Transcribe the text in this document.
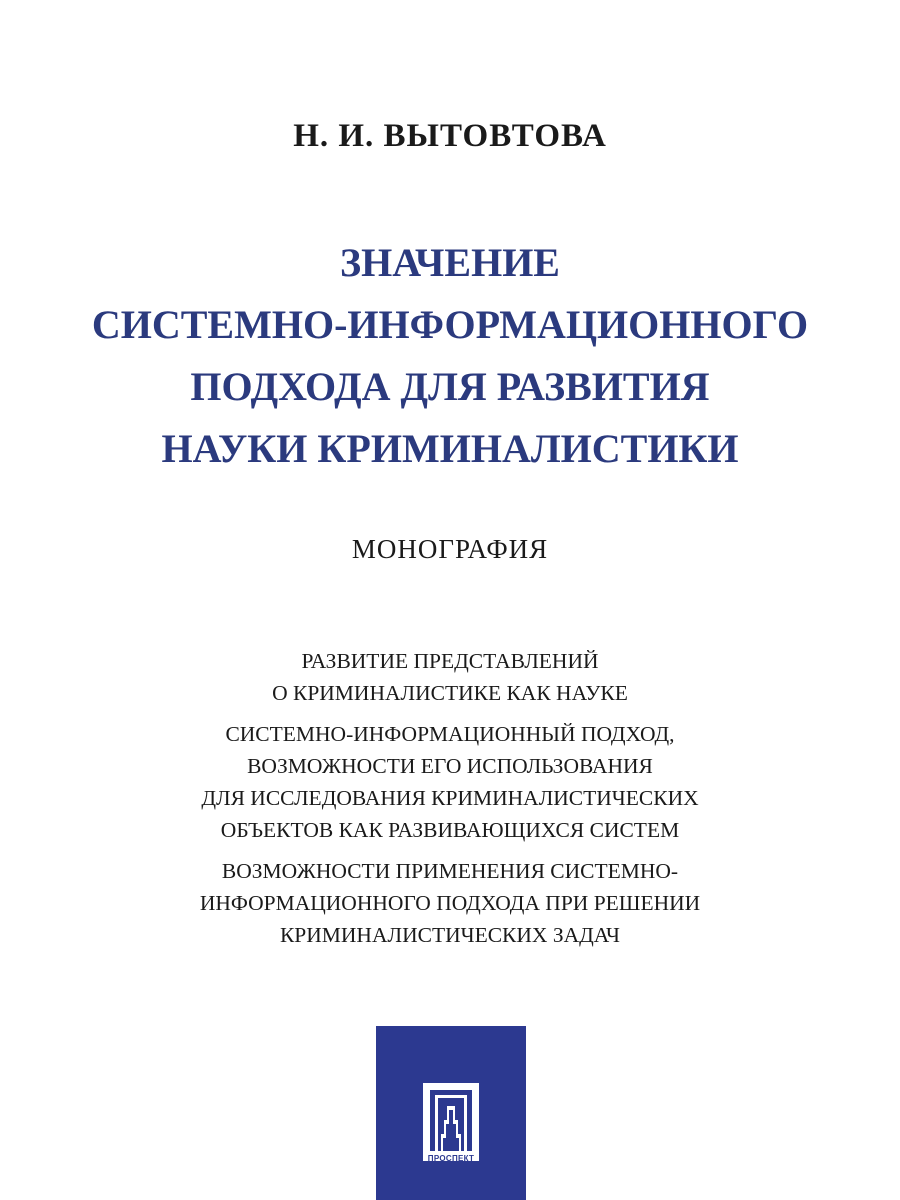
Н. И. ВЫТОВТОВА
ЗНАЧЕНИЕ
СИСТЕМНО-ИНФОРМАЦИОННОГО
ПОДХОДА ДЛЯ РАЗВИТИЯ
НАУКИ КРИМИНАЛИСТИКИ
МОНОГРАФИЯ
РАЗВИТИЕ ПРЕДСТАВЛЕНИЙ
О КРИМИНАЛИСТИКЕ КАК НАУКЕ
СИСТЕМНО-ИНФОРМАЦИОННЫЙ ПОДХОД,
ВОЗМОЖНОСТИ ЕГО ИСПОЛЬЗОВАНИЯ
ДЛЯ ИССЛЕДОВАНИЯ КРИМИНАЛИСТИЧЕСКИХ
ОБЪЕКТОВ КАК РАЗВИВАЮЩИХСЯ СИСТЕМ
ВОЗМОЖНОСТИ ПРИМЕНЕНИЯ СИСТЕМНО-
ИНФОРМАЦИОННОГО ПОДХОДА ПРИ РЕШЕНИИ
КРИМИНАЛИСТИЧЕСКИХ ЗАДАЧ
ПРОСПЕКТ
